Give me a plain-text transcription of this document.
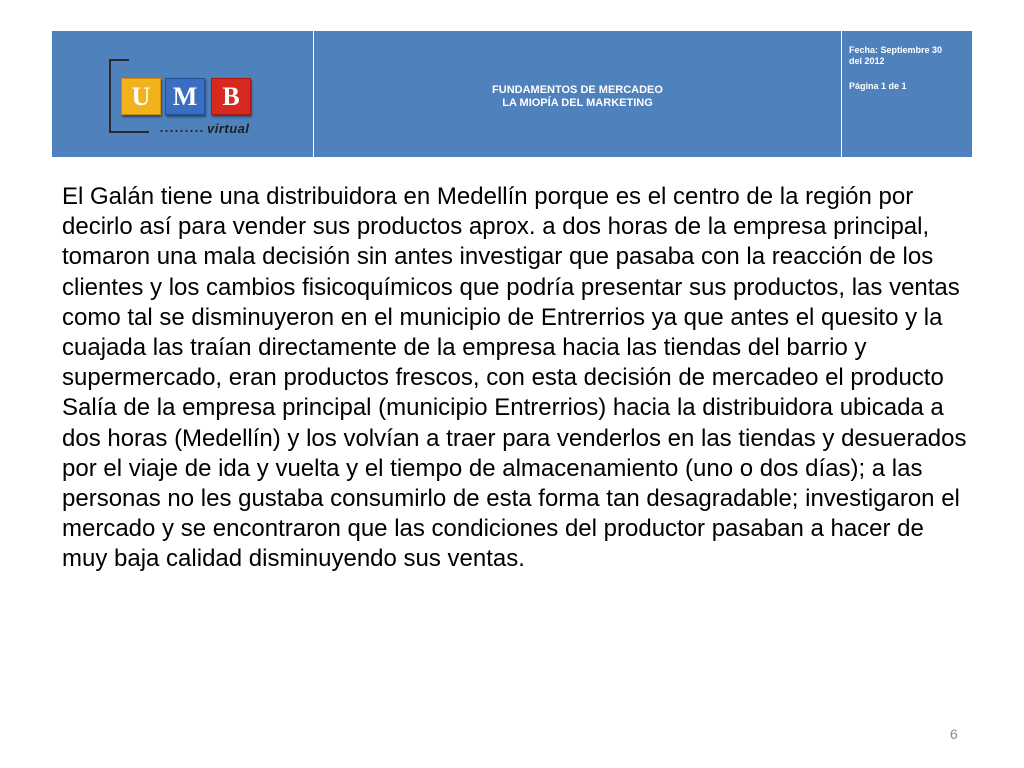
U M B
virtual
FUNDAMENTOS DE MERCADEO
LA MIOPÍA DEL MARKETING
Fecha: Septiembre 30
del 2012
Página 1 de 1

El Galán tiene una distribuidora en Medellín porque es el centro de la región por decirlo así para vender sus productos aprox. a dos horas de la empresa principal, tomaron una mala decisión sin antes investigar que pasaba con la reacción de los clientes y los cambios fisicoquímicos que podría presentar sus productos, las ventas como tal se disminuyeron en el municipio de Entrerrios ya que antes el quesito y la cuajada las traían directamente de la empresa hacia las tiendas del barrio y supermercado, eran productos frescos, con esta decisión de mercadeo el producto Salía de la empresa principal (municipio Entrerrios) hacia la distribuidora ubicada a dos horas (Medellín) y los volvían a traer para venderlos en las tiendas y desuerados por el viaje de ida y vuelta y el tiempo de almacenamiento (uno o dos días); a las personas no les gustaba consumirlo de esta forma tan desagradable; investigaron el mercado y se encontraron que las condiciones del productor pasaban a hacer de muy baja calidad disminuyendo sus ventas.

6
